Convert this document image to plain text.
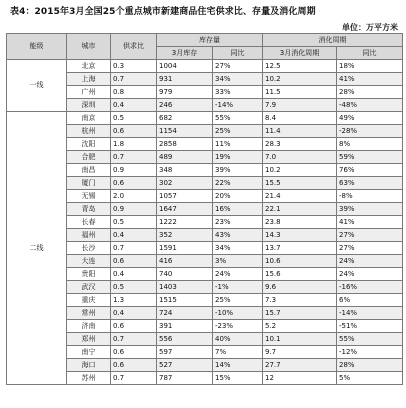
表4：2015年3月全国25个重点城市新建商品住宅供求比、存量及消化周期
单位：万平方米
能级	城市	供求比	库存量		消化周期	
			3月库存	同比	3月消化周期	同比
一线	北京	0.3	1004	27%	12.5	18%
	上海	0.7	931	34%	10.2	41%
	广州	0.8	979	33%	11.5	28%
	深圳	0.4	246	-14%	7.9	-48%
二线	南京	0.5	682	55%	8.4	49%
	杭州	0.6	1154	25%	11.4	-28%
	沈阳	1.8	2858	11%	28.3	8%
	合肥	0.7	489	19%	7.0	59%
	南昌	0.9	348	39%	10.2	76%
	厦门	0.6	302	22%	15.5	63%
	无锡	2.0	1057	20%	21.4	-8%
	青岛	0.9	1647	16%	22.1	39%
	长春	0.5	1222	23%	23.8	41%
	福州	0.4	352	43%	14.3	27%
	长沙	0.7	1591	34%	13.7	27%
	大连	0.6	416	3%	10.6	24%
	贵阳	0.4	740	24%	15.6	24%
	武汉	0.5	1403	-1%	9.6	-16%
	重庆	1.3	1515	25%	7.3	6%
	常州	0.4	724	-10%	15.7	-14%
	济南	0.6	391	-23%	5.2	-51%
	郑州	0.7	556	40%	10.1	55%
	南宁	0.6	597	7%	9.7	-12%
	海口	0.6	527	14%	27.7	28%
	苏州	0.7	787	15%	12	5%
